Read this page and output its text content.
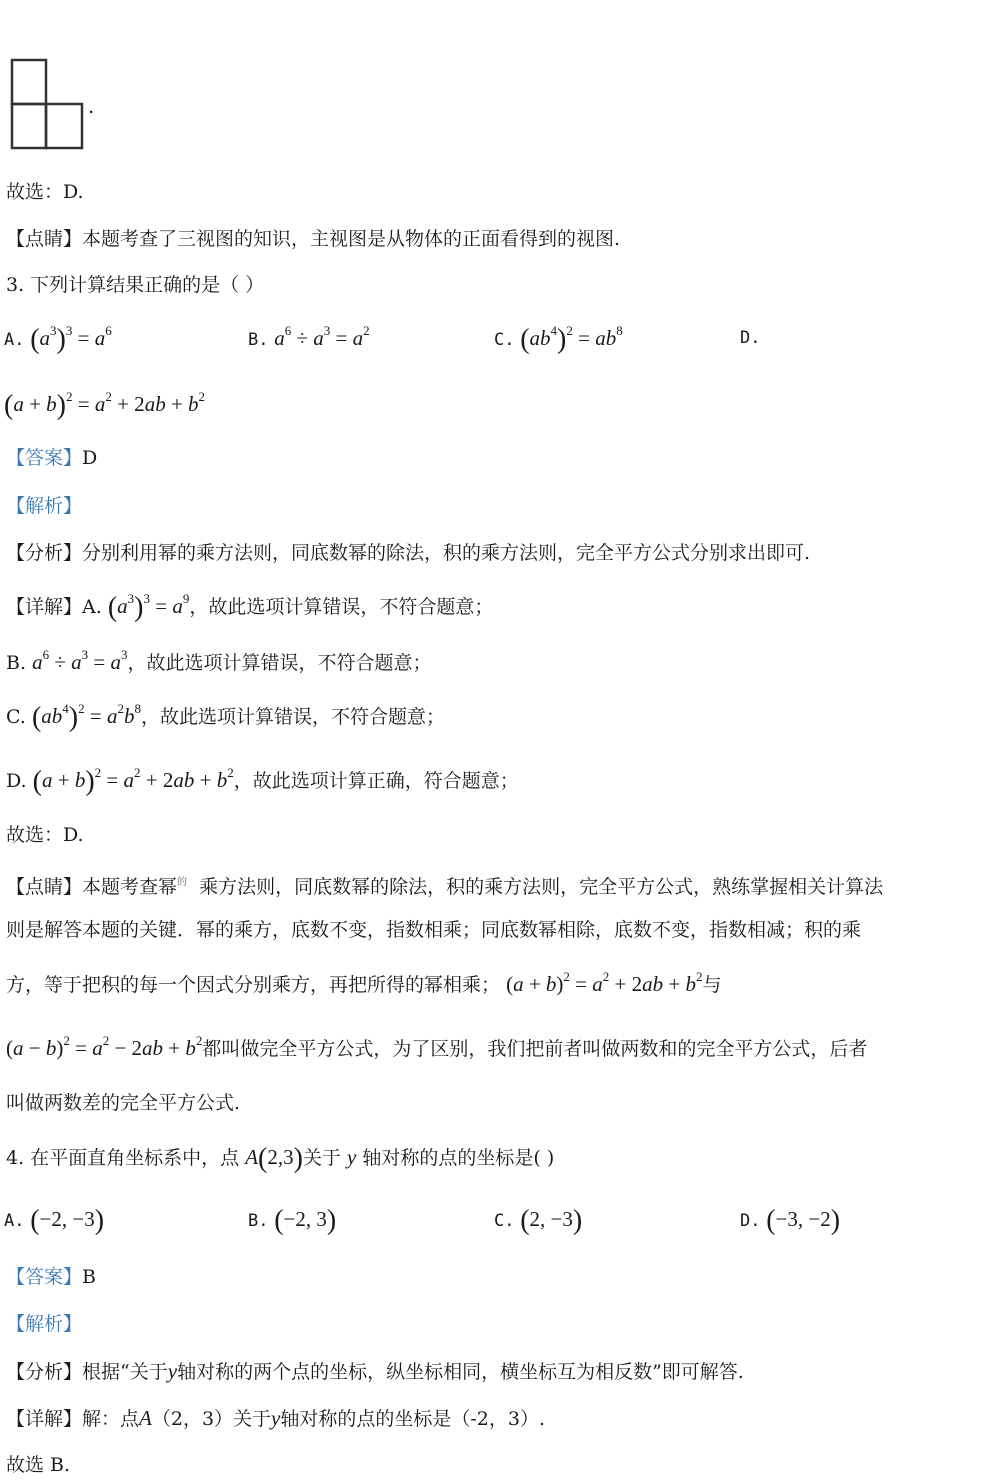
.
故选：D.
【点睛】本题考查了三视图的知识，主视图是从物体的正面看得到的视图.
3. 下列计算结果正确的是（ ）
A. $(a^3)^3 = a^6$	B. $a^6 \div a^3 = a^2$	C. $(ab^4)^2 = ab^8$	D.
$(a + b)^2 = a^2 + 2ab + b^2$
【答案】D
【解析】
【分析】分别利用幂的乘方法则，同底数幂的除法，积的乘方法则，完全平方公式分别求出即可.
【详解】A. $(a^3)^3 = a^9$，故此选项计算错误，不符合题意；
B. $a^6 \div a^3 = a^3$，故此选项计算错误，不符合题意；
C. $(ab^4)^2 = a^2b^8$，故此选项计算错误，不符合题意；
D. $(a + b)^2 = a^2 + 2ab + b^2$，故此选项计算正确，符合题意；
故选：D.
【点睛】本题考查幂$^的$ 乘方法则，同底数幂的除法，积的乘方法则，完全平方公式，熟练掌握相关计算法
则是解答本题的关键．幂的乘方，底数不变，指数相乘；同底数幂相除，底数不变，指数相减；积的乘
方，等于把积的每一个因式分别乘方，再把所得的幂相乘； $(a + b)^2 = a^2 + 2ab + b^2$与
$(a - b)^2 = a^2 - 2ab + b^2$都叫做完全平方公式，为了区别，我们把前者叫做两数和的完全平方公式，后者
叫做两数差的完全平方公式.
4. 在平面直角坐标系中，点 A(2,3)关于 y 轴对称的点的坐标是( )
A. (−2, −3)	B. (−2, 3)	C. (2, −3)	D. (−3, −2)
【答案】B
【解析】
【分析】根据“关于y轴对称的两个点的坐标，纵坐标相同，横坐标互为相反数”即可解答.
【详解】解：点A（2，3）关于y轴对称的点的坐标是（-2，3）.
故选 B.
